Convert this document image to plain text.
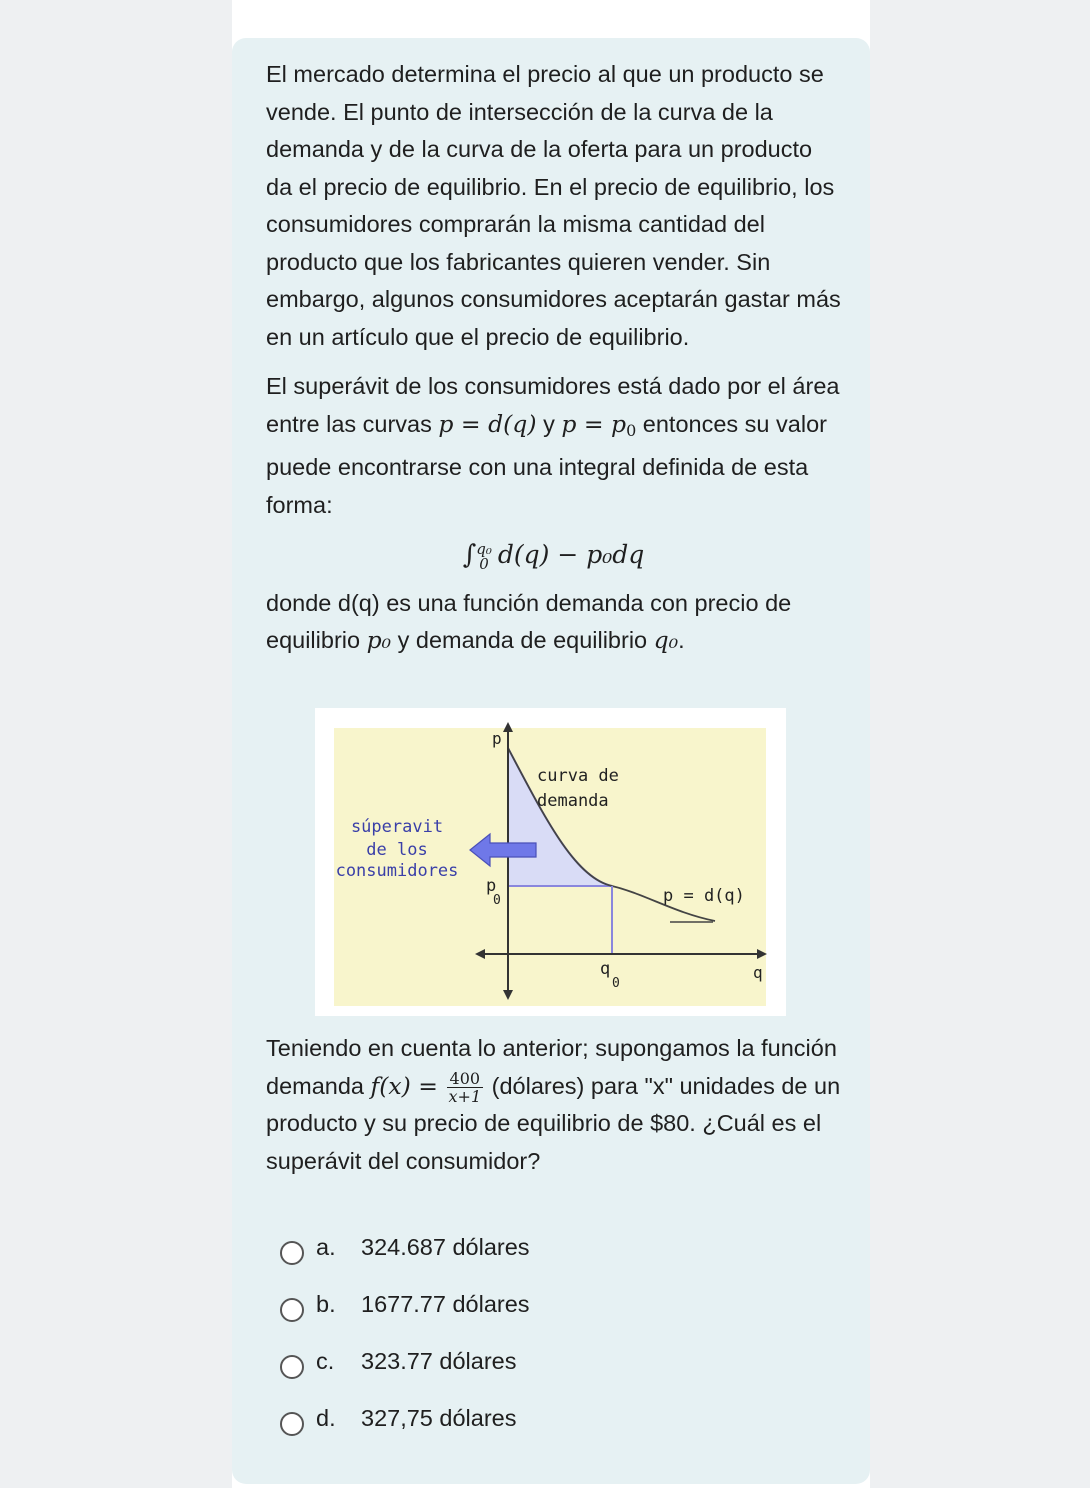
El mercado determina el precio al que un producto se vende. El punto de intersección de la curva de la demanda y de la curva de la oferta para un producto da el precio de equilibrio. En el precio de equilibrio, los consumidores comprarán la misma cantidad del producto que los fabricantes quieren vender. Sin embargo, algunos consumidores aceptarán gastar más en un artículo que el precio de equilibrio.

El superávit de los consumidores está dado por el área entre las curvas p = d(q) y $p = p_0$ entonces su valor puede encontrarse con una integral definida de esta forma:

∫ q₀
0 d(q) − p₀dq

donde d(q) es una función demanda con precio de equilibrio p₀ y demanda de equilibrio q₀.

p
q
curva de
demanda
súperavit
de los
consumidores
p
0
q
0
p = d(q)
Teniendo en cuenta lo anterior; supongamos la función demanda $f(x) = \frac{400}{x+1}$ (dólares) para "x" unidades de un producto y su precio de equilibrio de $80. ¿Cuál es el superávit del consumidor?
a. 324.687 dólares
b. 1677.77 dólares
c. 323.77 dólares
d. 327,75 dólares
